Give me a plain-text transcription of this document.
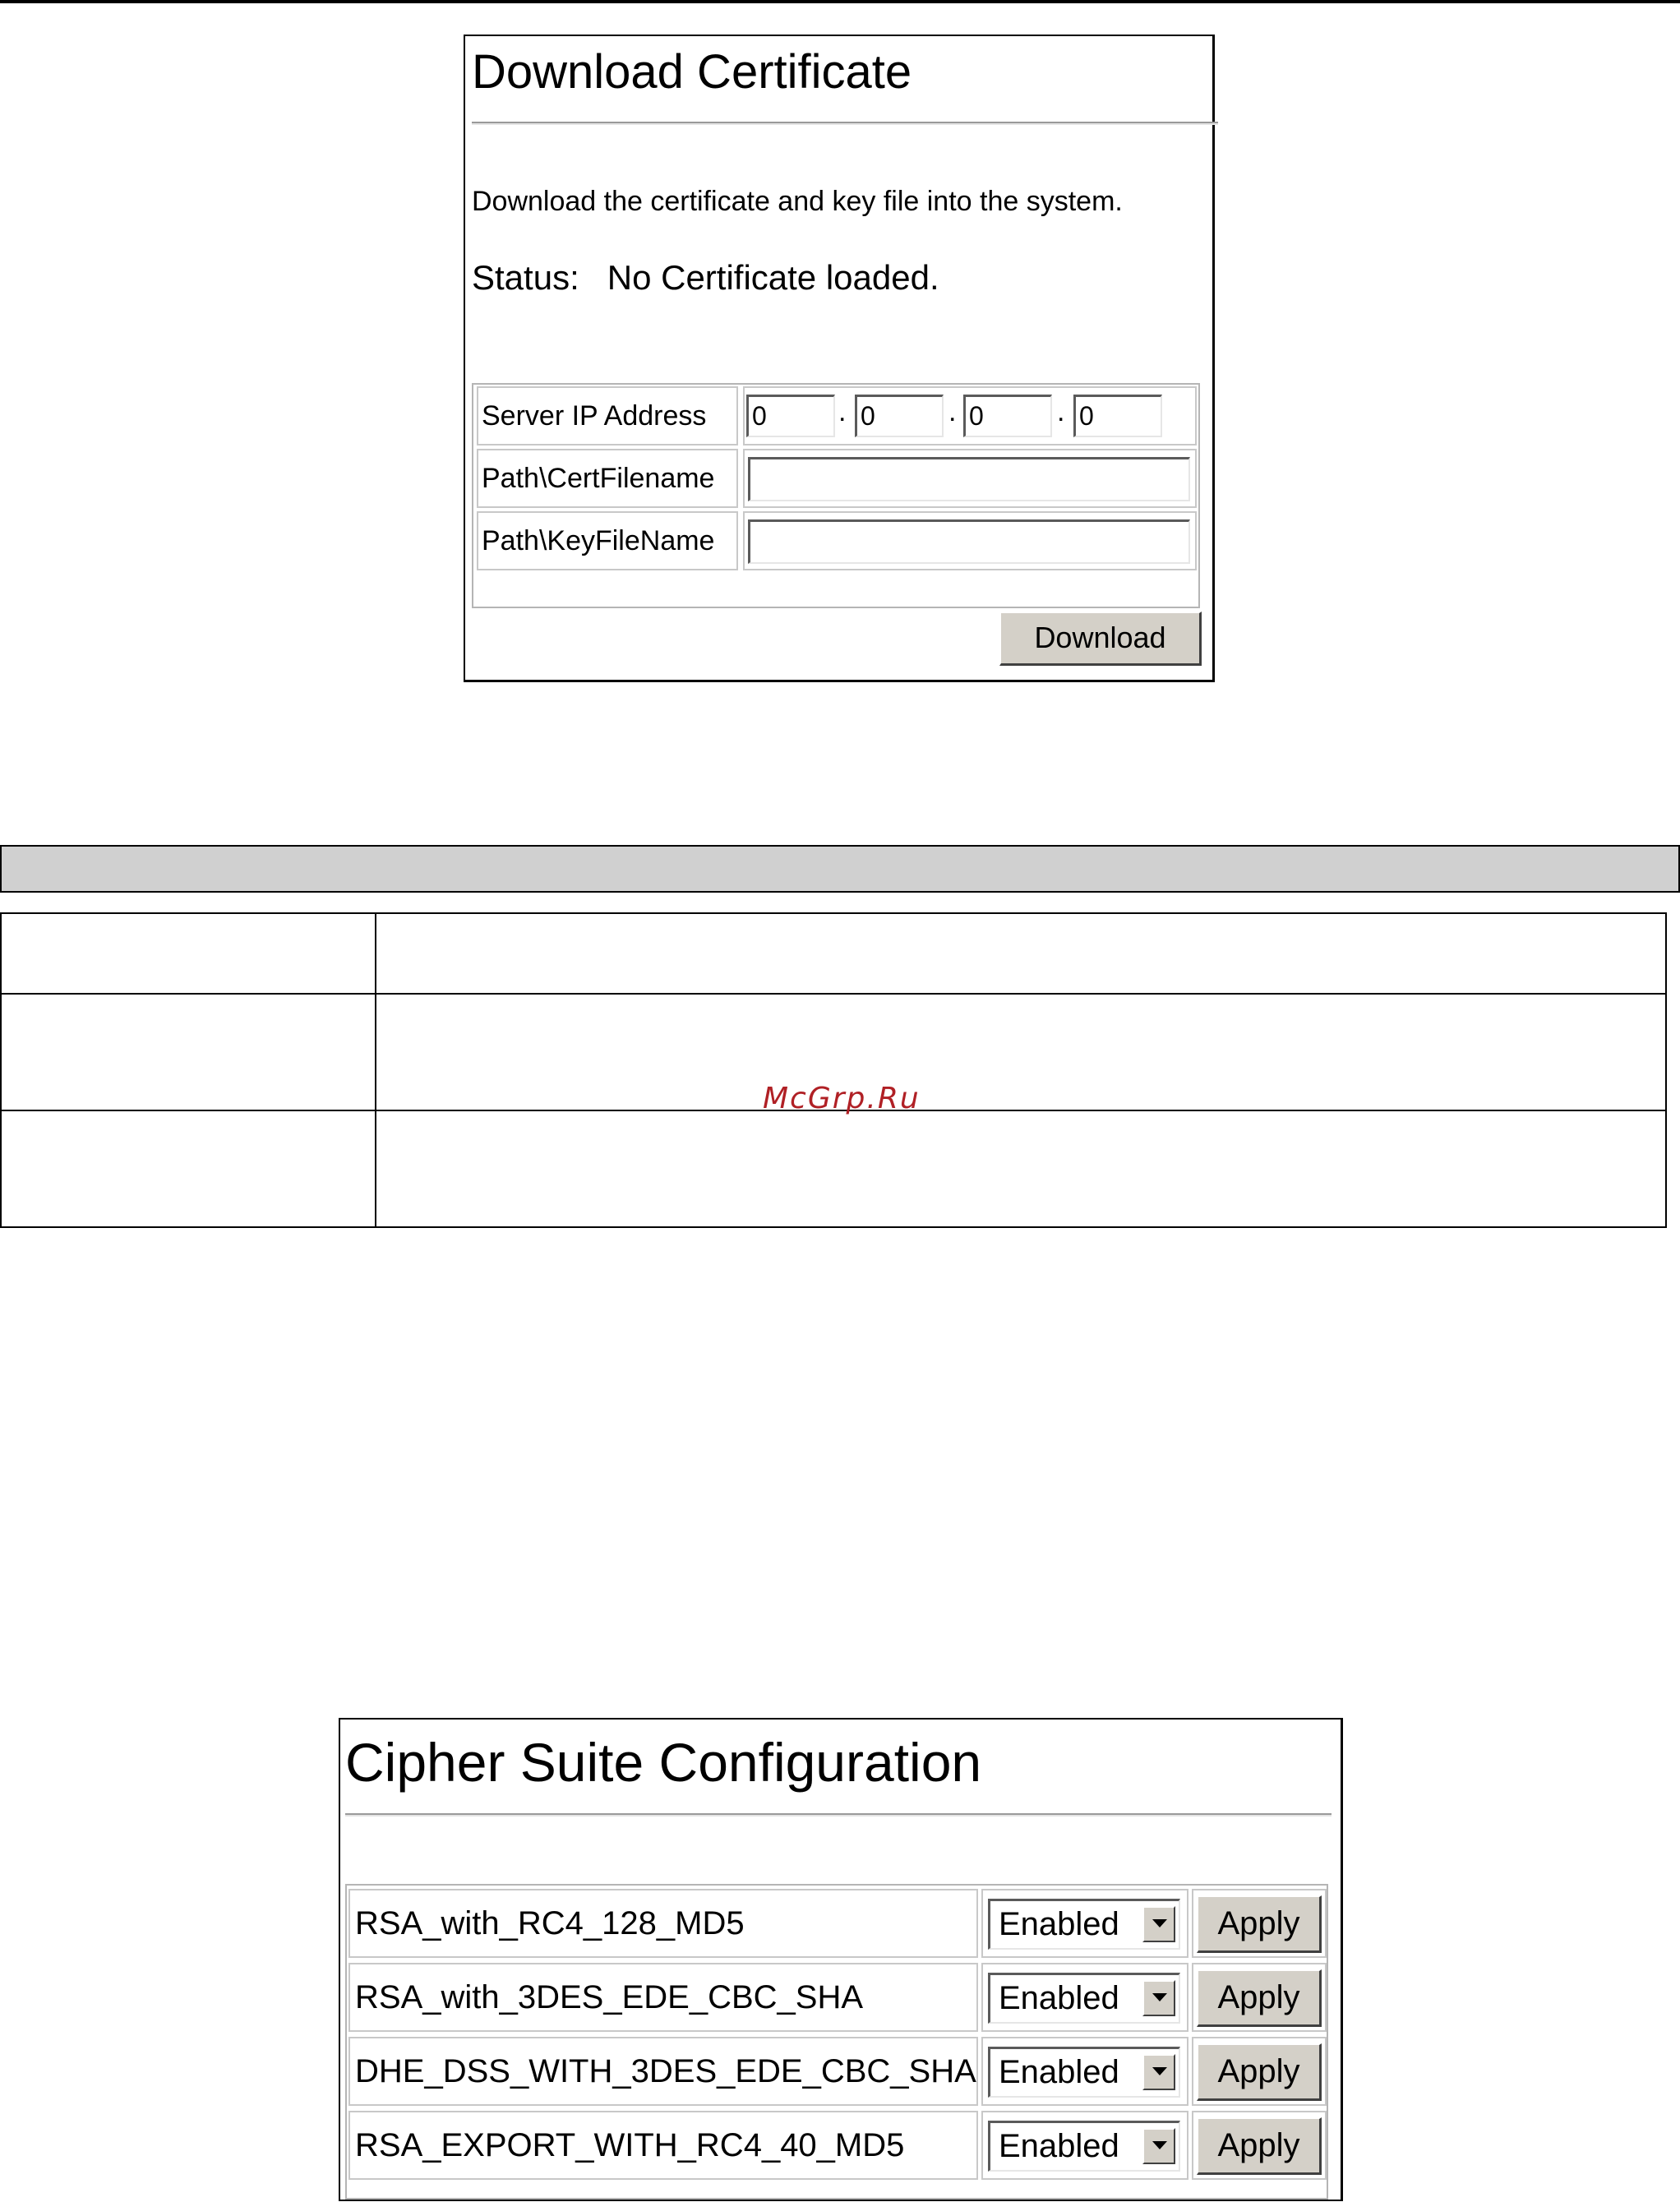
Download Certificate
Download the certificate and key file into the system.
Status: No Certificate loaded.
Server IP Address	0	. 0	. 0	. 0
Path\CertFilename
Path\KeyFileName
Download
McGrp.Ru
Cipher Suite Configuration
RSA_with_RC4_128_MD5	Enabled	Apply
RSA_with_3DES_EDE_CBC_SHA	Enabled	Apply
DHE_DSS_WITH_3DES_EDE_CBC_SHA Enabled	Apply
RSA_EXPORT_WITH_RC4_40_MD5	Enabled	Apply
